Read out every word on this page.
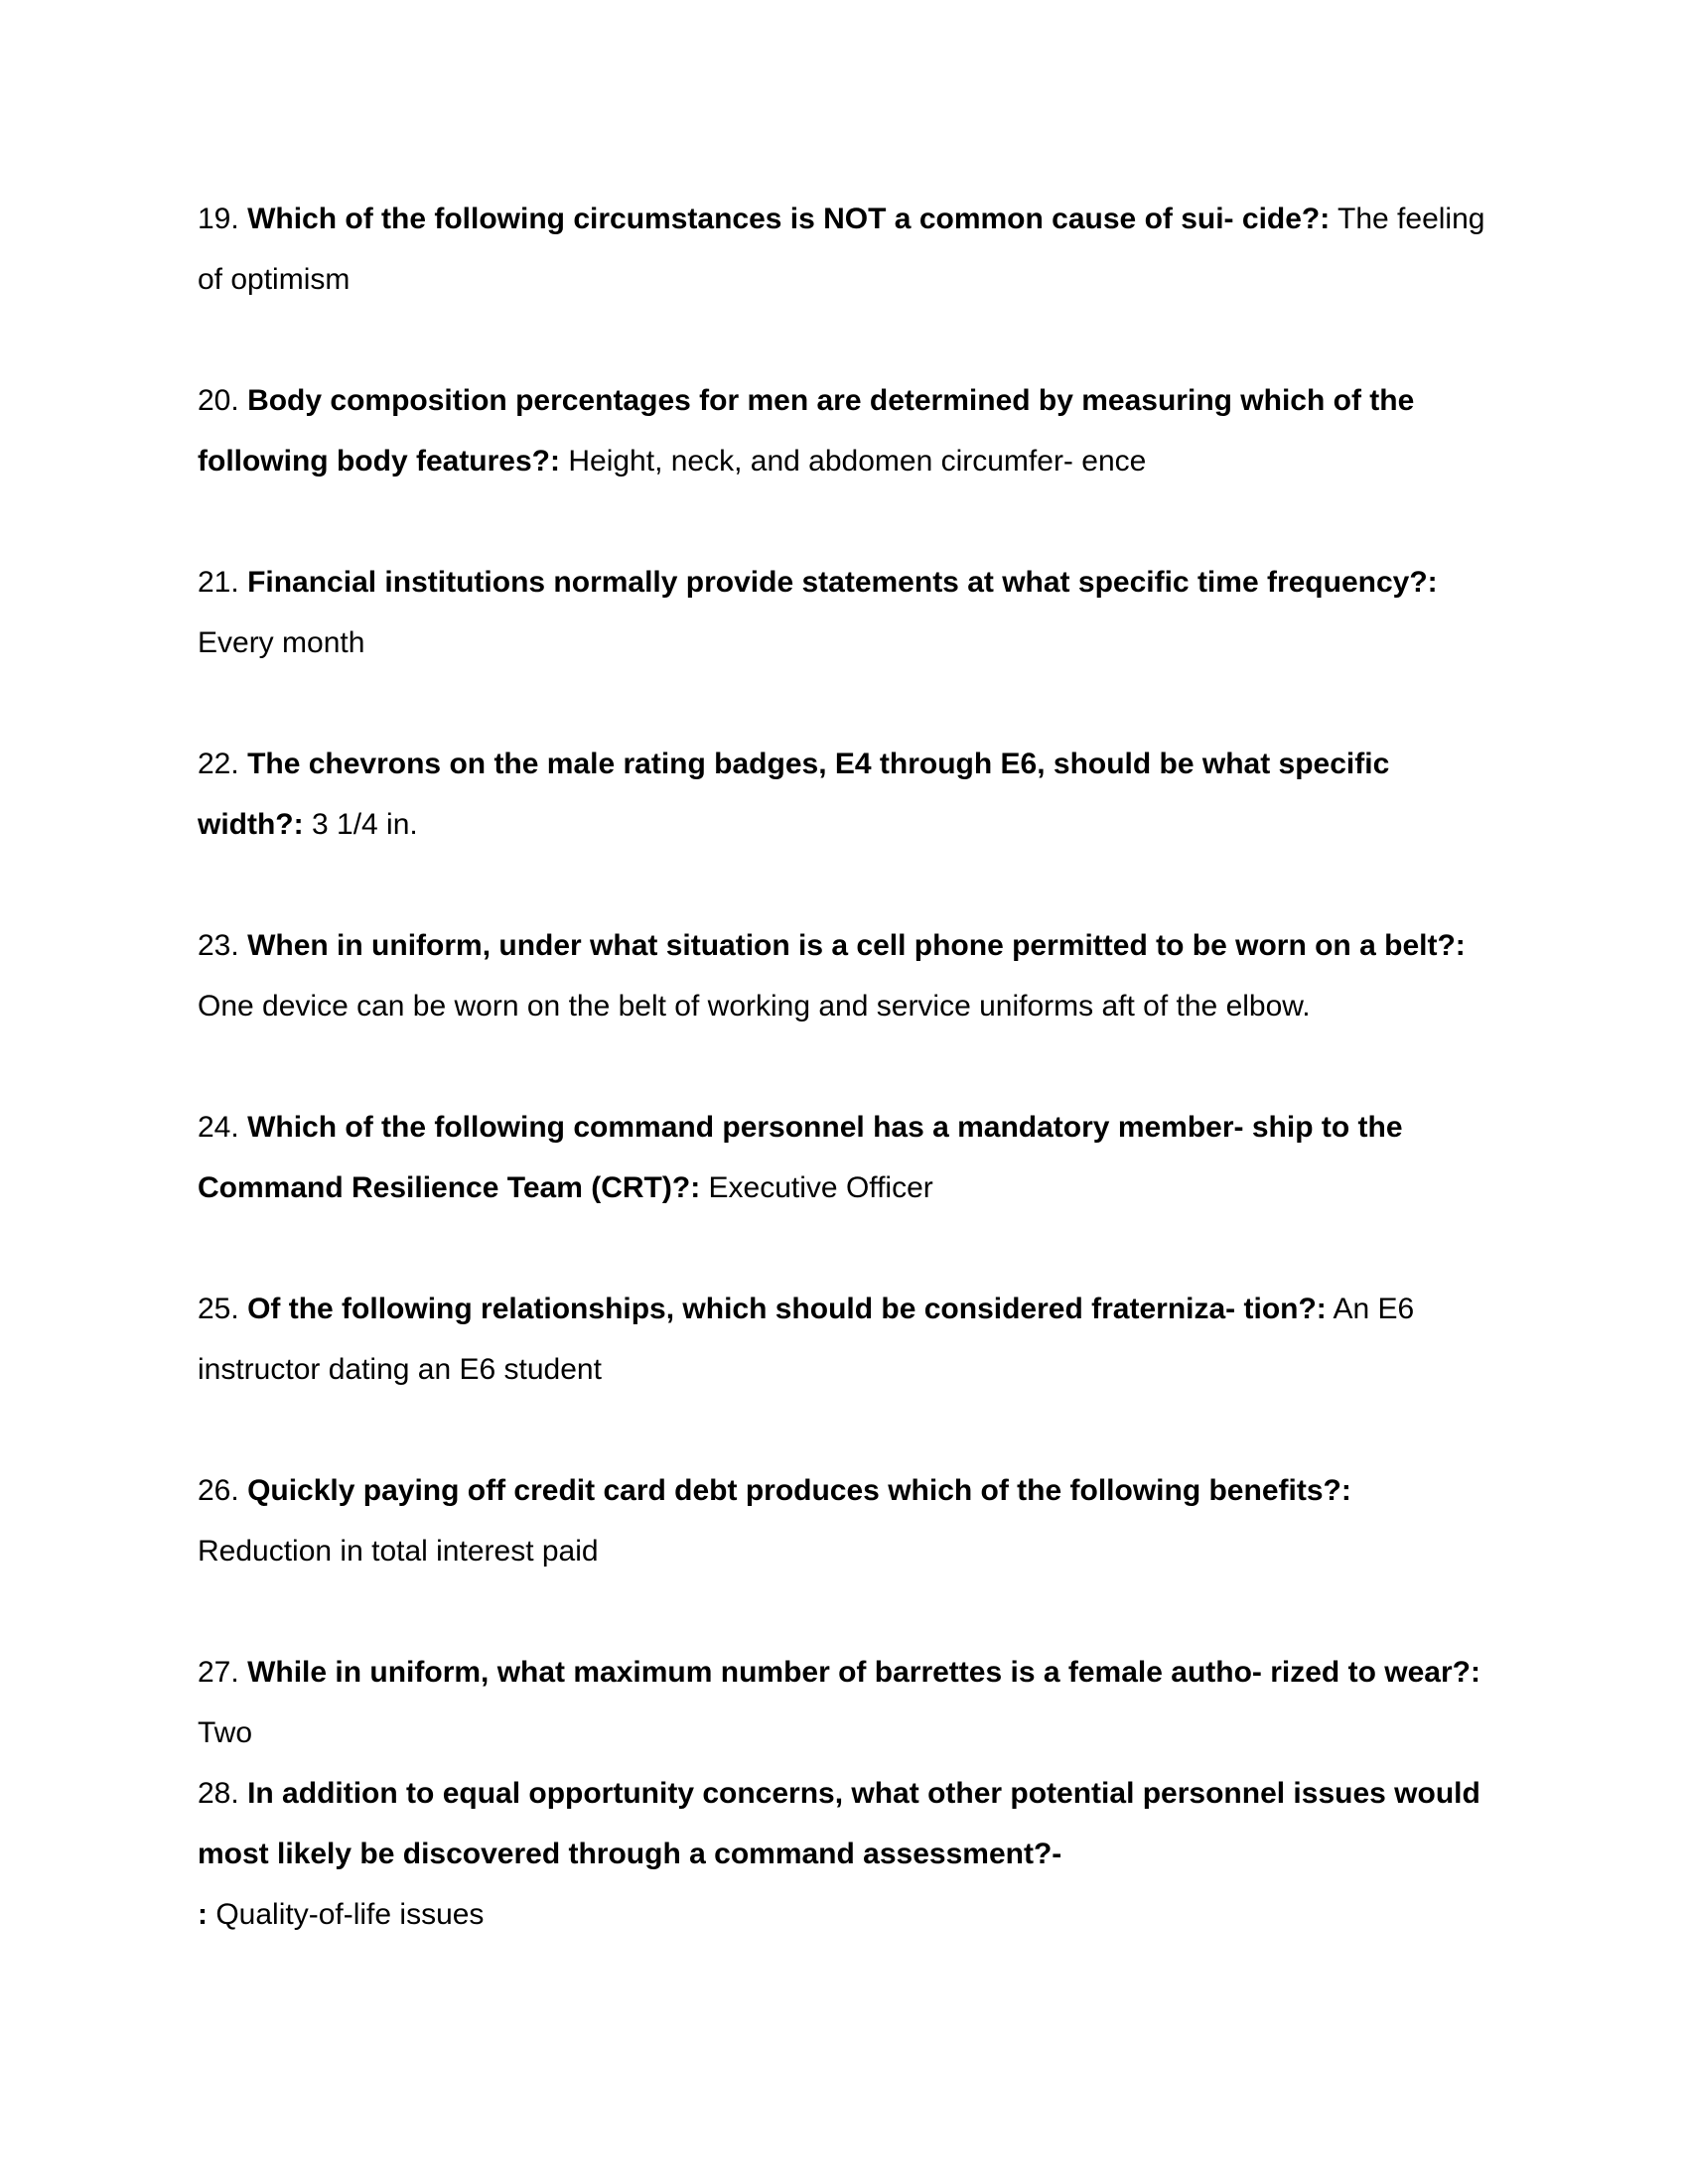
19. Which of the following circumstances is NOT a common cause of sui- cide?: The feeling of optimism

20. Body composition percentages for men are determined by measuring which of the following body features?: Height, neck, and abdomen circumfer- ence

21. Financial institutions normally provide statements at what specific time frequency?: Every month

22. The chevrons on the male rating badges, E4 through E6, should be what specific width?: 3 1/4 in.

23. When in uniform, under what situation is a cell phone permitted to be worn on a belt?: One device can be worn on the belt of working and service uniforms aft of the elbow.

24. Which of the following command personnel has a mandatory member- ship to the Command Resilience Team (CRT)?: Executive Officer

25. Of the following relationships, which should be considered fraterniza- tion?: An E6 instructor dating an E6 student

26. Quickly paying off credit card debt produces which of the following benefits?: Reduction in total interest paid

27. While in uniform, what maximum number of barrettes is a female autho- rized to wear?: Two

28. In addition to equal opportunity concerns, what other potential personnel issues would most likely be discovered through a command assessment?-
: Quality-of-life issues
